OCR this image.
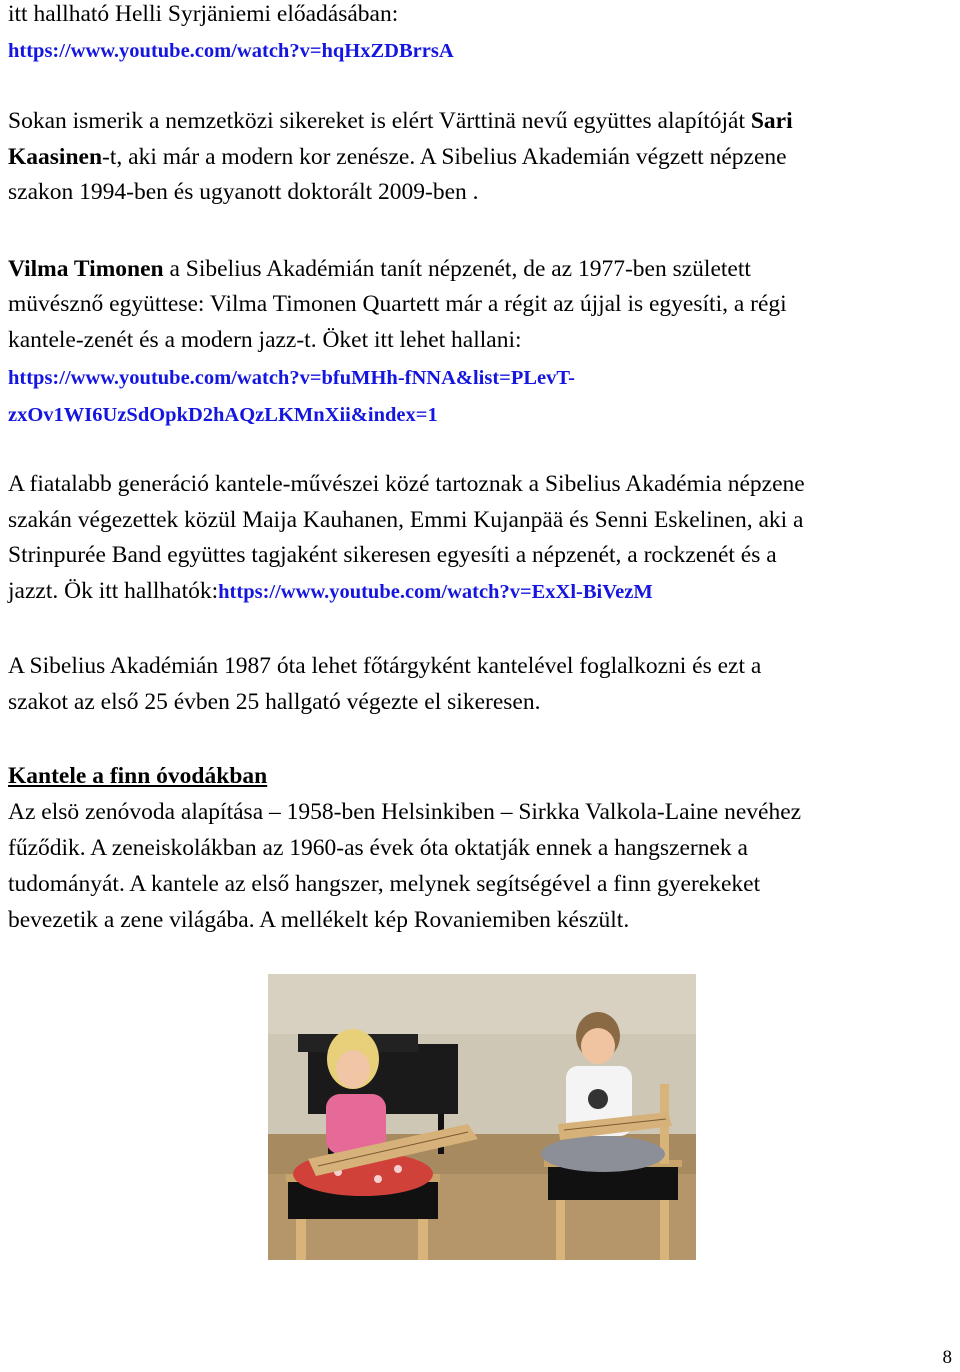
itt hallható Helli Syrjäniemi előadásában:
https://www.youtube.com/watch?v=hqHxZDBrrsA
Sokan ismerik a nemzetközi sikereket is elért Värttinä nevű együttes alapítóját Sari
Kaasinen-t, aki már a modern kor zenésze. A Sibelius Akademián végzett népzene
szakon 1994-ben és ugyanott doktorált 2009-ben .
Vilma Timonen a Sibelius Akadémián tanít népzenét, de az 1977-ben született
müvésznő együttese: Vilma Timonen Quartett már a régit az újjal is egyesíti, a régi
kantele-zenét és a modern jazz-t. Öket itt lehet hallani:
https://www.youtube.com/watch?v=bfuMHh-fNNA&list=PLevT-
zxOv1WI6UzSdOpkD2hAQzLKMnXii&index=1
A fiatalabb generáció kantele-művészei közé tartoznak a Sibelius Akadémia népzene
szakán végezettek közül Maija Kauhanen, Emmi Kujanpää és Senni Eskelinen, aki a
Strinpurée Band együttes tagjaként sikeresen egyesíti a népzenét, a rockzenét és a
jazzt. Ök itt hallhatók:https://www.youtube.com/watch?v=ExXl-BiVezM
A Sibelius Akadémián 1987 óta lehet főtárgyként kantelével foglalkozni és ezt a
szakot az első 25 évben 25 hallgató végezte el sikeresen.
Kantele a finn óvodákban
Az elsö zenóvoda alapítása – 1958-ben Helsinkiben – Sirkka Valkola-Laine nevéhez
fűződik. A zeneiskolákban az 1960-as évek óta oktatják ennek a hangszernek a
tudományát. A kantele az első hangszer, melynek segítségével a finn gyerekeket
bevezetik a zene világába. A mellékelt kép Rovaniemiben készült.
8
